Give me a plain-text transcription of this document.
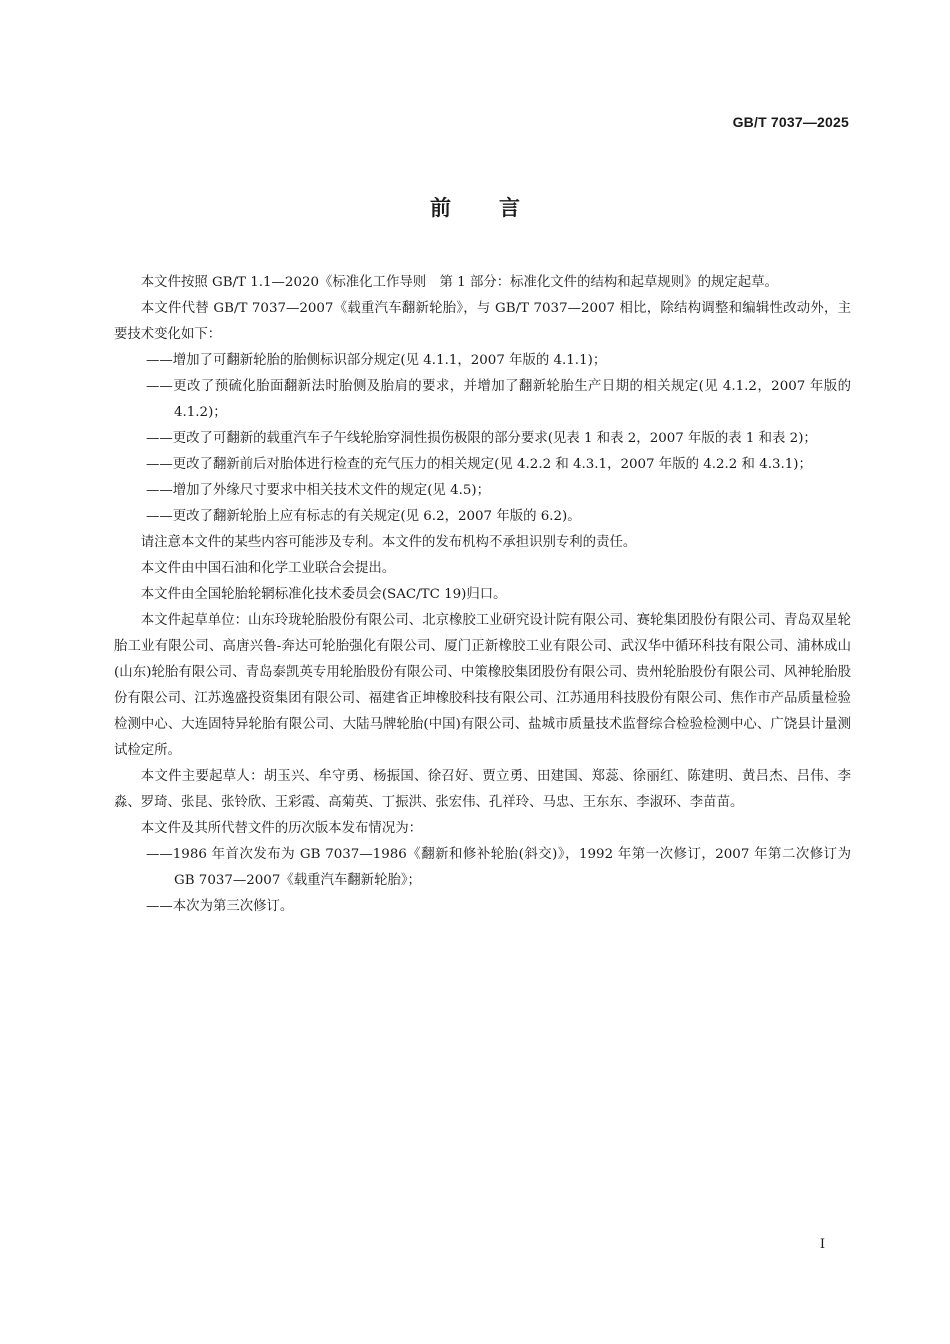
GB/T 7037—2025
前言

本文件按照 GB/T 1.1—2020《标准化工作导则　第 1 部分：标准化文件的结构和起草规则》的规定起草。

本文件代替 GB/T 7037—2007《载重汽车翻新轮胎》，与 GB/T 7037—2007 相比，除结构调整和编辑性改动外，主要技术变化如下：

——增加了可翻新轮胎的胎侧标识部分规定(见 4.1.1，2007 年版的 4.1.1)；

——更改了预硫化胎面翻新法时胎侧及胎肩的要求，并增加了翻新轮胎生产日期的相关规定(见 4.1.2，2007 年版的 4.1.2)；

——更改了可翻新的载重汽车子午线轮胎穿洞性损伤极限的部分要求(见表 1 和表 2，2007 年版的表 1 和表 2)；

——更改了翻新前后对胎体进行检查的充气压力的相关规定(见 4.2.2 和 4.3.1，2007 年版的 4.2.2 和 4.3.1)；

——增加了外缘尺寸要求中相关技术文件的规定(见 4.5)；

——更改了翻新轮胎上应有标志的有关规定(见 6.2，2007 年版的 6.2)。

请注意本文件的某些内容可能涉及专利。本文件的发布机构不承担识别专利的责任。

本文件由中国石油和化学工业联合会提出。

本文件由全国轮胎轮辋标准化技术委员会(SAC/TC 19)归口。

本文件起草单位：山东玲珑轮胎股份有限公司、北京橡胶工业研究设计院有限公司、赛轮集团股份有限公司、青岛双星轮胎工业有限公司、高唐兴鲁-奔达可轮胎强化有限公司、厦门正新橡胶工业有限公司、武汉华中循环科技有限公司、浦林成山(山东)轮胎有限公司、青岛泰凯英专用轮胎股份有限公司、中策橡胶集团股份有限公司、贵州轮胎股份有限公司、风神轮胎股份有限公司、江苏逸盛投资集团有限公司、福建省正坤橡胶科技有限公司、江苏通用科技股份有限公司、焦作市产品质量检验检测中心、大连固特异轮胎有限公司、大陆马牌轮胎(中国)有限公司、盐城市质量技术监督综合检验检测中心、广饶县计量测试检定所。

本文件主要起草人：胡玉兴、牟守勇、杨振国、徐召好、贾立勇、田建国、郑蕊、徐丽红、陈建明、黄吕杰、吕伟、李淼、罗琦、张昆、张铃欣、王彩霞、高菊英、丁振洪、张宏伟、孔祥玲、马忠、王东东、李淑环、李苗苗。

本文件及其所代替文件的历次版本发布情况为：

——1986 年首次发布为 GB 7037—1986《翻新和修补轮胎(斜交)》，1992 年第一次修订，2007 年第二次修订为 GB 7037—2007《载重汽车翻新轮胎》；

——本次为第三次修订。

I
